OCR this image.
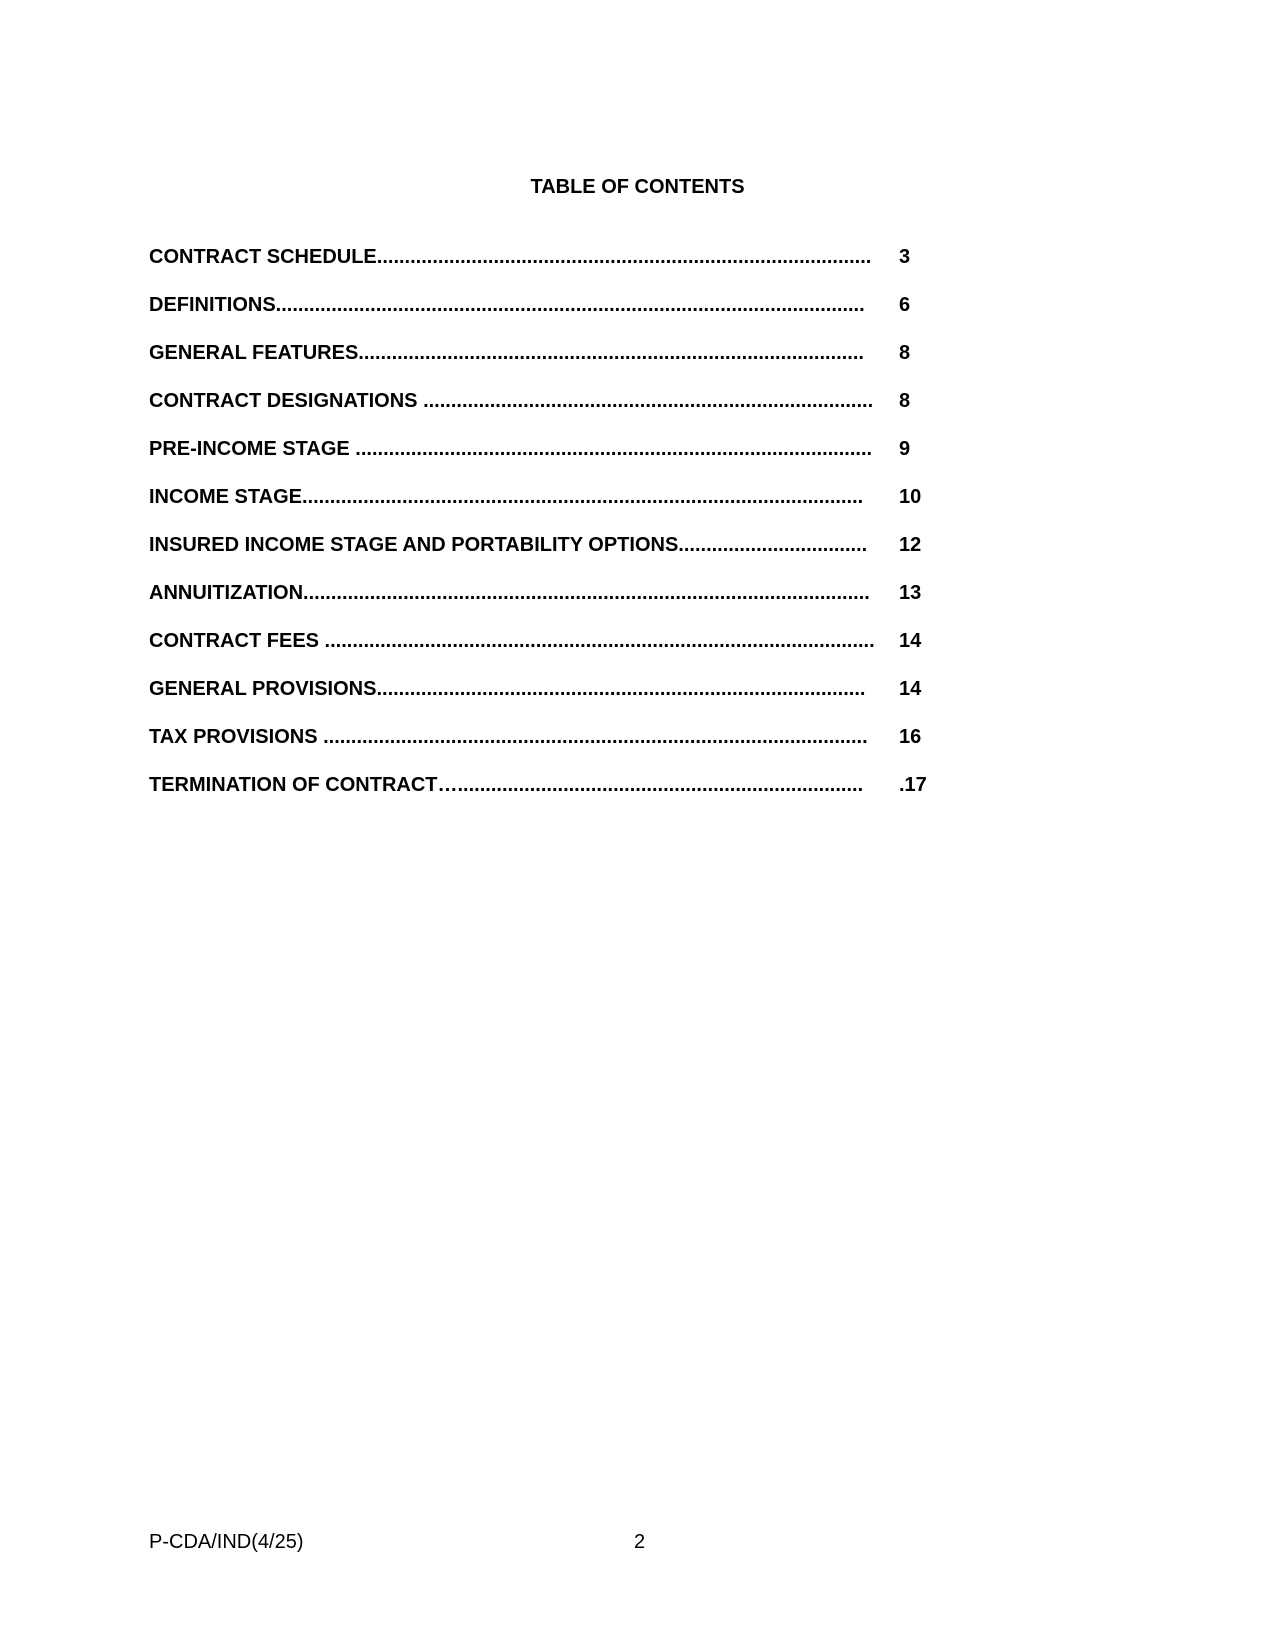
TABLE OF CONTENTS
CONTRACT SCHEDULE......................................................................................... 3
DEFINITIONS.......................................................................................................... 6
GENERAL FEATURES........................................................................................... 8
CONTRACT DESIGNATIONS ................................................................................. 8
PRE-INCOME STAGE ............................................................................................. 9
INCOME STAGE..................................................................................................... 10
INSURED INCOME STAGE AND PORTABILITY OPTIONS.................................. 12
ANNUITIZATION...................................................................................................... 13
CONTRACT FEES ................................................................................................... 14
GENERAL PROVISIONS........................................................................................ 14
TAX PROVISIONS .................................................................................................. 16
TERMINATION OF CONTRACT…......................................................................... .17
P-CDA/IND(4/25)	2
